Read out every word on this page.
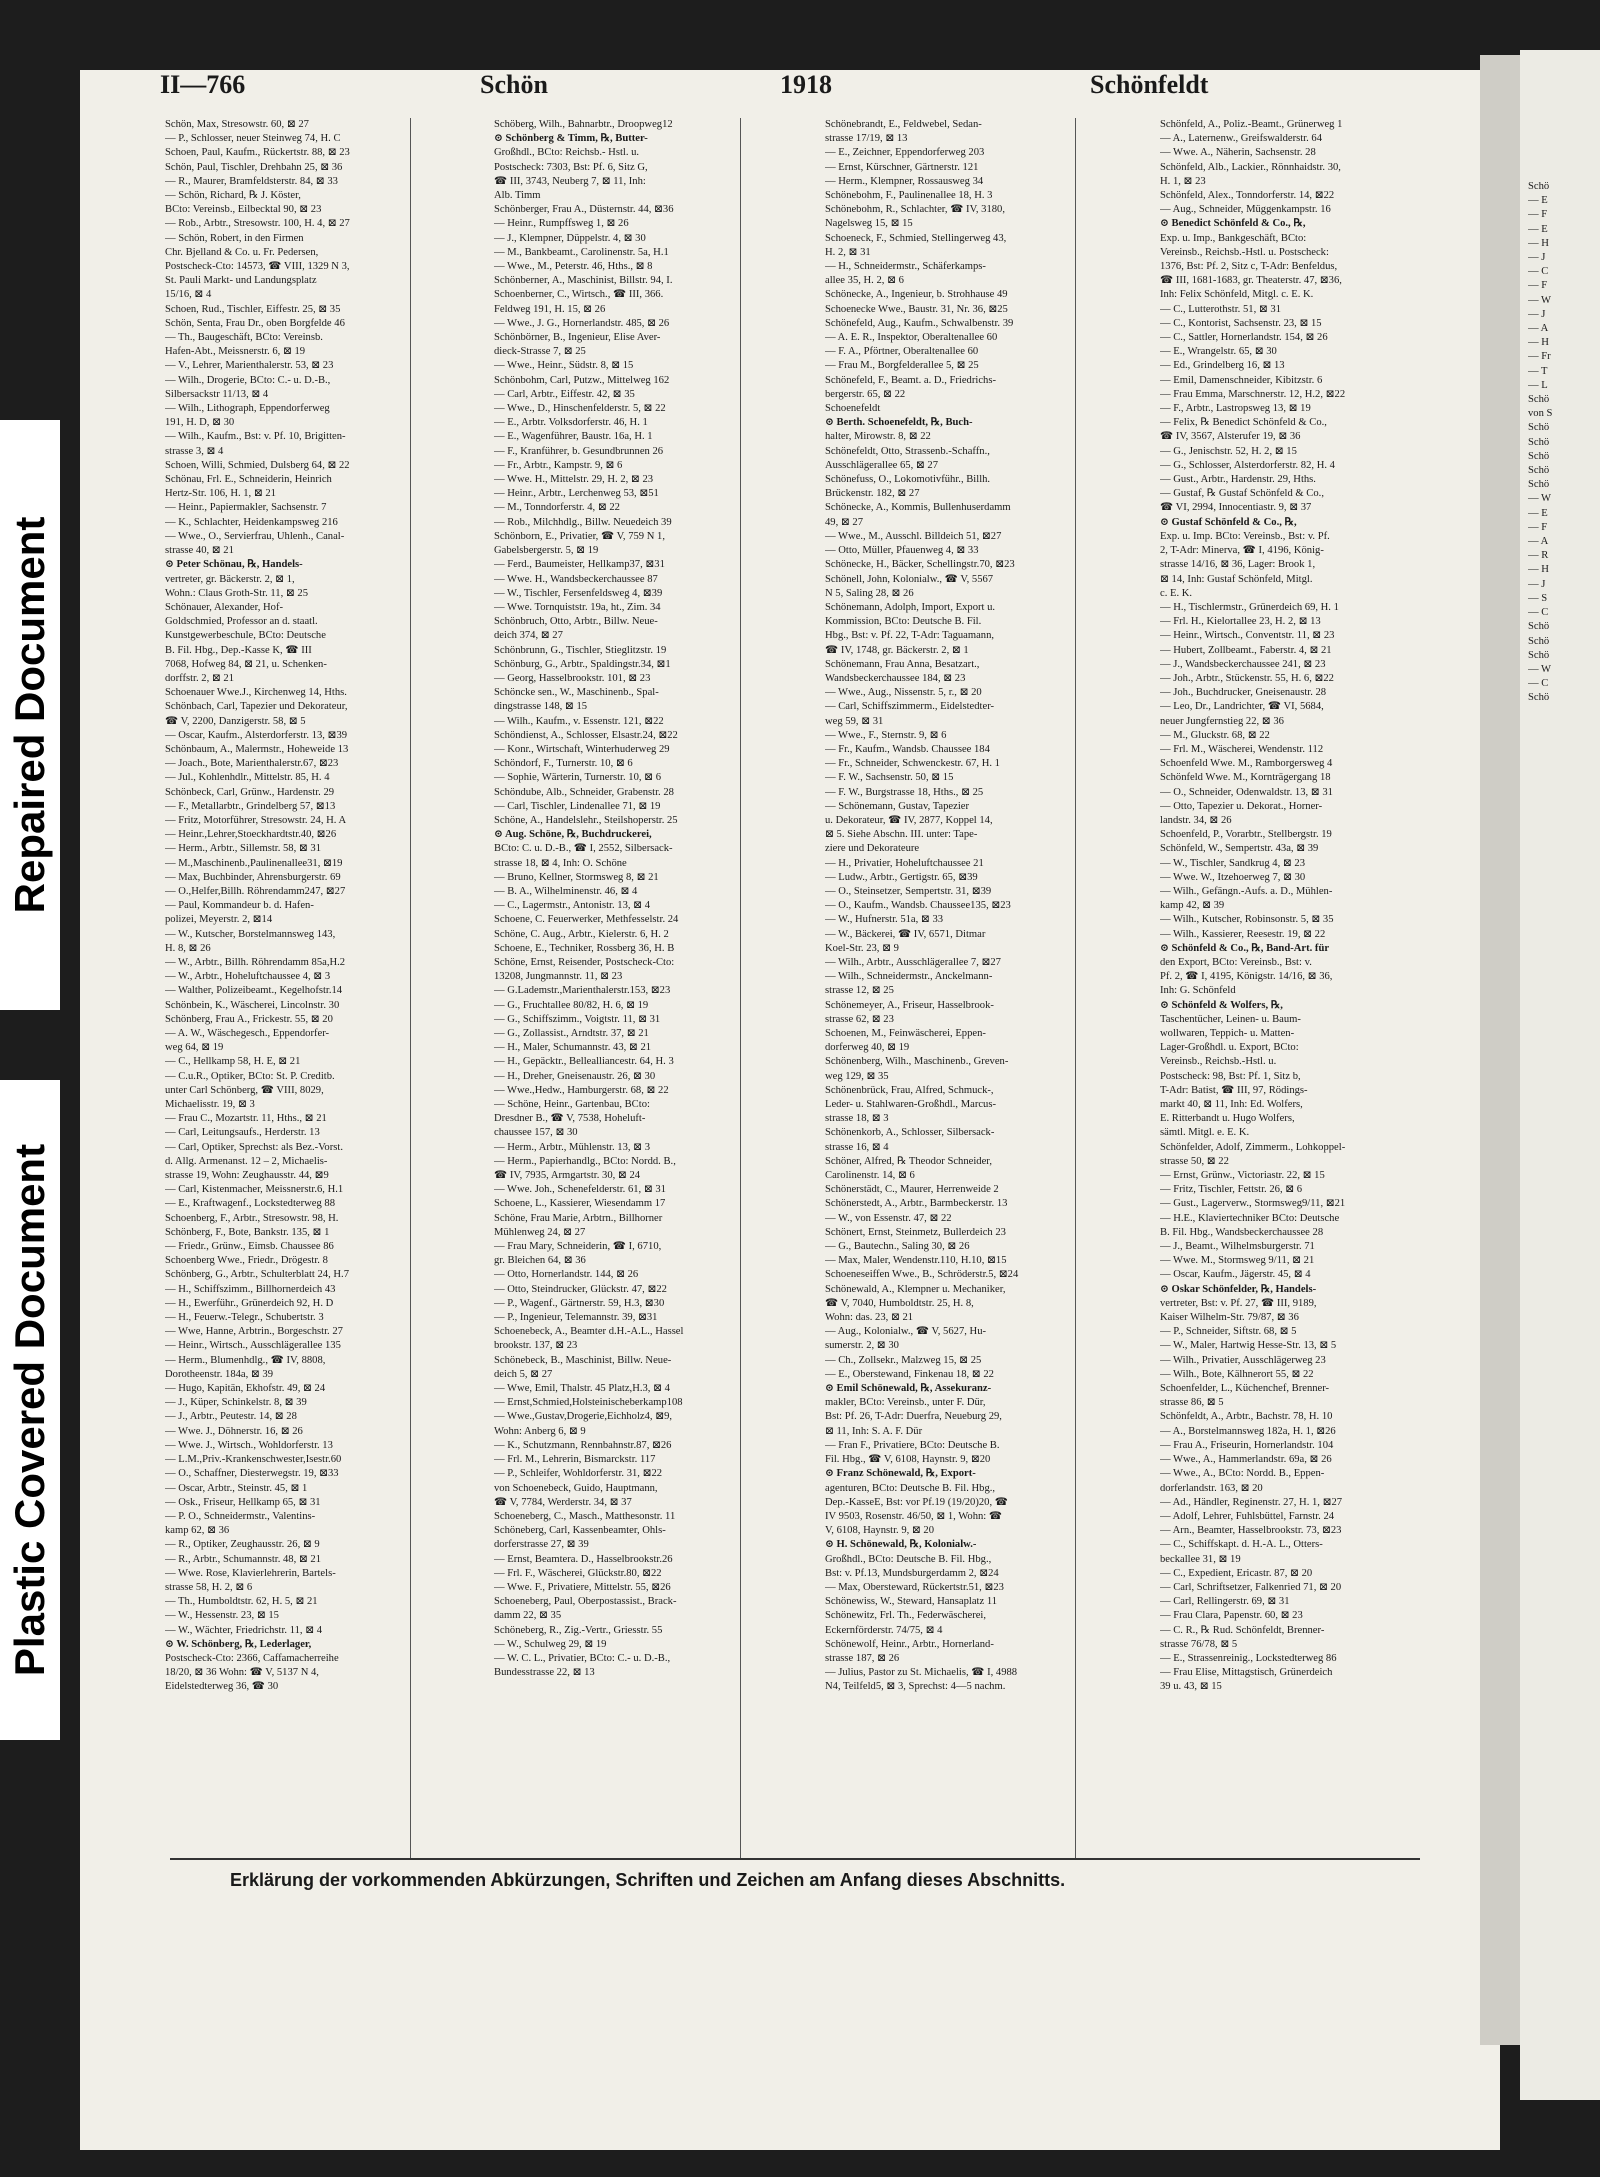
Repaired Document
Plastic Covered Document
Schö
— E
— F
— E
— H
— J
— C
— F
— W
— J
— A
— H
— Fr
— T
— L
Schö
von S
Schö
Schö
Schö
Schö
Schö
— W
— E
— F
— A
— R
— H
— J
— S
— C
Schö
Schö
Schö
— W
— C
Schö
II—766	Schön	1918	Schönfeldt
Schön, Max, Stresowstr. 60, ⊠ 27
— P., Schlosser, neuer Steinweg 74, H. C
Schoen, Paul, Kaufm., Rückertstr. 88, ⊠ 23
Schön, Paul, Tischler, Drehbahn 25, ⊠ 36
— R., Maurer, Bramfeldsterstr. 84, ⊠ 33
— Schön, Richard, ℞ J. Köster,
BCto: Vereinsb., Eilbecktal 90, ⊠ 23
— Rob., Arbtr., Stresowstr. 100, H. 4, ⊠ 27
— Schön, Robert, in den Firmen
Chr. Bjelland & Co. u. Fr. Pedersen,
Postscheck-Cto: 14573, ☎ VIII, 1329 N 3,
St. Pauli Markt- und Landungsplatz
15/16, ⊠ 4
Schoen, Rud., Tischler, Eiffestr. 25, ⊠ 35
Schön, Senta, Frau Dr., oben Borgfelde 46
— Th., Baugeschäft, BCto: Vereinsb.
Hafen-Abt., Meissnerstr. 6, ⊠ 19
— V., Lehrer, Marienthalerstr. 53, ⊠ 23
— Wilh., Drogerie, BCto: C.- u. D.-B.,
Silbersackstr 11/13, ⊠ 4
— Wilh., Lithograph, Eppendorferweg
191, H. D, ⊠ 30
— Wilh., Kaufm., Bst: v. Pf. 10, Brigitten-
strasse 3, ⊠ 4
Schoen, Willi, Schmied, Dulsberg 64, ⊠ 22
Schönau, Frl. E., Schneiderin, Heinrich
Hertz-Str. 106, H. 1, ⊠ 21
— Heinr., Papiermakler, Sachsenstr. 7
— K., Schlachter, Heidenkampsweg 216
— Wwe., O., Servierfrau, Uhlenh., Canal-
strasse 40, ⊠ 21
⊙ Peter Schönau, ℞, Handels-
vertreter, gr. Bäckerstr. 2, ⊠ 1,
Wohn.: Claus Groth-Str. 11, ⊠ 25
Schönauer, Alexander, Hof-
Goldschmied, Professor an d. staatl.
Kunstgewerbeschule, BCto: Deutsche
B. Fil. Hbg., Dep.-Kasse K, ☎ III
7068, Hofweg 84, ⊠ 21, u. Schenken-
dorffstr. 2, ⊠ 21
Schoenauer Wwe.J., Kirchenweg 14, Hths.
Schönbach, Carl, Tapezier und Dekorateur,
☎ V, 2200, Danzigerstr. 58, ⊠ 5
— Oscar, Kaufm., Alsterdorferstr. 13, ⊠39
Schönbaum, A., Malermstr., Hoheweide 13
— Joach., Bote, Marienthalerstr.67, ⊠23
— Jul., Kohlenhdlr., Mittelstr. 85, H. 4
Schönbeck, Carl, Grünw., Hardenstr. 29
— F., Metallarbtr., Grindelberg 57, ⊠13
— Fritz, Motorführer, Stresowstr. 24, H. A
— Heinr.,Lehrer,Stoeckhardtstr.40, ⊠26
— Herm., Arbtr., Sillemstr. 58, ⊠ 31
— M.,Maschinenb.,Paulinenallee31, ⊠19
— Max, Buchbinder, Ahrensburgerstr. 69
— O.,Helfer,Billh. Röhrendamm247, ⊠27
— Paul, Kommandeur b. d. Hafen-
polizei, Meyerstr. 2, ⊠14
— W., Kutscher, Borstelmannsweg 143,
H. 8, ⊠ 26
— W., Arbtr., Billh. Röhrendamm 85a,H.2
— W., Arbtr., Hoheluftchaussee 4, ⊠ 3
— Walther, Polizeibeamt., Kegelhofstr.14
Schönbein, K., Wäscherei, Lincolnstr. 30
Schönberg, Frau A., Frickestr. 55, ⊠ 20
— A. W., Wäschegesch., Eppendorfer-
weg 64, ⊠ 19
— C., Hellkamp 58, H. E, ⊠ 21
— C.u.R., Optiker, BCto: St. P. Creditb.
unter Carl Schönberg, ☎ VIII, 8029,
Michaelisstr. 19, ⊠ 3
— Frau C., Mozartstr. 11, Hths., ⊠ 21
— Carl, Leitungsaufs., Herderstr. 13
— Carl, Optiker, Sprechst: als Bez.-Vorst.
d. Allg. Armenanst. 12 – 2, Michaelis-
strasse 19, Wohn: Zeughausstr. 44, ⊠9
— Carl, Kistenmacher, Meissnerstr.6, H.1
— E., Kraftwagenf., Lockstedterweg 88
Schoenberg, F., Arbtr., Stresowstr. 98, H.
Schönberg, F., Bote, Bankstr. 135, ⊠ 1
— Friedr., Grünw., Eimsb. Chaussee 86
Schoenberg Wwe., Friedr., Drögestr. 8
Schönberg, G., Arbtr., Schulterblatt 24, H.7
— H., Schiffszimm., Billhornerdeich 43
— H., Ewerführ., Grünerdeich 92, H. D
— H., Feuerw.-Telegr., Schubertstr. 3
— Wwe, Hanne, Arbtrin., Borgeschstr. 27
— Heinr., Wirtsch., Ausschlägerallee 135
— Herm., Blumenhdlg., ☎ IV, 8808,
Dorotheenstr. 184a, ⊠ 39
— Hugo, Kapitän, Ekhofstr. 49, ⊠ 24
— J., Küper, Schinkelstr. 8, ⊠ 39
— J., Arbtr., Peutestr. 14, ⊠ 28
— Wwe. J., Döhnerstr. 16, ⊠ 26
— Wwe. J., Wirtsch., Wohldorferstr. 13
— L.M.,Priv.-Krankenschwester,Isestr.60
— O., Schaffner, Diesterwegstr. 19, ⊠33
— Oscar, Arbtr., Steinstr. 45, ⊠ 1
— Osk., Friseur, Hellkamp 65, ⊠ 31
— P. O., Schneidermstr., Valentins-
kamp 62, ⊠ 36
— R., Optiker, Zeughausstr. 26, ⊠ 9
— R., Arbtr., Schumannstr. 48, ⊠ 21
— Wwe. Rose, Klavierlehrerin, Bartels-
strasse 58, H. 2, ⊠ 6
— Th., Humboldtstr. 62, H. 5, ⊠ 21
— W., Hessenstr. 23, ⊠ 15
— W., Wächter, Friedrichstr. 11, ⊠ 4
⊙ W. Schönberg, ℞, Lederlager,
Postscheck-Cto: 2366, Caffamacherreihe
18/20, ⊠ 36 Wohn: ☎ V, 5137 N 4,
Eidelstedterweg 36, ☎ 30
Schöberg, Wilh., Bahnarbtr., Droopweg12
⊙ Schönberg & Timm, ℞, Butter-
Großhdl., BCto: Reichsb.- Hstl. u.
Postscheck: 7303, Bst: Pf. 6, Sitz G,
☎ III, 3743, Neuberg 7, ⊠ 11, Inh:
Alb. Timm
Schönberger, Frau A., Düsternstr. 44, ⊠36
— Heinr., Rumpffsweg 1, ⊠ 26
— J., Klempner, Düppelstr. 4, ⊠ 30
— M., Bankbeamt., Carolinenstr. 5a, H.1
— Wwe., M., Peterstr. 46, Hths., ⊠ 8
Schönberner, A., Maschinist, Billstr. 94, I.
Schoenberner, C., Wirtsch., ☎ III, 366.
Feldweg 191, H. 15, ⊠ 26
— Wwe., J. G., Hornerlandstr. 485, ⊠ 26
Schönbörner, B., Ingenieur, Elise Aver-
dieck-Strasse 7, ⊠ 25
— Wwe., Heinr., Südstr. 8, ⊠ 15
Schönbohm, Carl, Putzw., Mittelweg 162
— Carl, Arbtr., Eiffestr. 42, ⊠ 35
— Wwe., D., Hinschenfelderstr. 5, ⊠ 22
— E., Arbtr. Volksdorferstr. 46, H. 1
— E., Wagenführer, Baustr. 16a, H. 1
— F., Kranführer, b. Gesundbrunnen 26
— Fr., Arbtr., Kampstr. 9, ⊠ 6
— Wwe. H., Mittelstr. 29, H. 2, ⊠ 23
— Heinr., Arbtr., Lerchenweg 53, ⊠51
— M., Tonndorferstr. 4, ⊠ 22
— Rob., Milchhdlg., Billw. Neuedeich 39
Schönborn, E., Privatier, ☎ V, 759 N 1,
Gabelsbergerstr. 5, ⊠ 19
— Ferd., Baumeister, Hellkamp37, ⊠31
— Wwe. H., Wandsbeckerchaussee 87
— W., Tischler, Fersenfeldsweg 4, ⊠39
— Wwe. Tornquiststr. 19a, ht., Zim. 34
Schönbruch, Otto, Arbtr., Billw. Neue-
deich 374, ⊠ 27
Schönbrunn, G., Tischler, Stieglitzstr. 19
Schönburg, G., Arbtr., Spaldingstr.34, ⊠1
— Georg, Hasselbrookstr. 101, ⊠ 23
Schöncke sen., W., Maschinenb., Spal-
dingstrasse 148, ⊠ 15
— Wilh., Kaufm., v. Essenstr. 121, ⊠22
Schöndienst, A., Schlosser, Elsastr.24, ⊠22
— Konr., Wirtschaft, Winterhuderweg 29
Schöndorf, F., Turnerstr. 10, ⊠ 6
— Sophie, Wärterin, Turnerstr. 10, ⊠ 6
Schöndube, Alb., Schneider, Grabenstr. 28
— Carl, Tischler, Lindenallee 71, ⊠ 19
Schöne, A., Handelslehr., Steilshoperstr. 25
⊙ Aug. Schöne, ℞, Buchdruckerei,
BCto: C. u. D.-B., ☎ I, 2552, Silbersack-
strasse 18, ⊠ 4, Inh: O. Schöne
— Bruno, Kellner, Stormsweg 8, ⊠ 21
— B. A., Wilhelminenstr. 46, ⊠ 4
— C., Lagermstr., Antonistr. 13, ⊠ 4
Schoene, C. Feuerwerker, Methfesselstr. 24
Schöne, C. Aug., Arbtr., Kielerstr. 6, H. 2
Schoene, E., Techniker, Rossberg 36, H. B
Schöne, Ernst, Reisender, Postscheck-Cto:
13208, Jungmannstr. 11, ⊠ 23
— G.Lademstr.,Marienthalerstr.153, ⊠23
— G., Fruchtallee 80/82, H. 6, ⊠ 19
— G., Schiffszimm., Voigtstr. 11, ⊠ 31
— G., Zollassist., Arndtstr. 37, ⊠ 21
— H., Maler, Schumannstr. 43, ⊠ 21
— H., Gepäcktr., Bellealliancestr. 64, H. 3
— H., Dreher, Gneisenaustr. 26, ⊠ 30
— Wwe.,Hedw., Hamburgerstr. 68, ⊠ 22
— Schöne, Heinr., Gartenbau, BCto:
Dresdner B., ☎ V, 7538, Hoheluft-
chaussee 157, ⊠ 30
— Herm., Arbtr., Mühlenstr. 13, ⊠ 3
— Herm., Papierhandlg., BCto: Nordd. B.,
☎ IV, 7935, Armgartstr. 30, ⊠ 24
— Wwe. Joh., Schenefelderstr. 61, ⊠ 31
Schoene, L., Kassierer, Wiesendamm 17
Schöne, Frau Marie, Arbtrn., Billhorner
Mühlenweg 24, ⊠ 27
— Frau Mary, Schneiderin, ☎ I, 6710,
gr. Bleichen 64, ⊠ 36
— Otto, Hornerlandstr. 144, ⊠ 26
— Otto, Steindrucker, Glückstr. 47, ⊠22
— P., Wagenf., Gärtnerstr. 59, H.3, ⊠30
— P., Ingenieur, Telemannstr. 39, ⊠31
Schoenebeck, A., Beamter d.H.-A.L., Hassel
brookstr. 137, ⊠ 23
Schönebeck, B., Maschinist, Billw. Neue-
deich 5, ⊠ 27
— Wwe, Emil, Thalstr. 45 Platz,H.3, ⊠ 4
— Ernst,Schmied,Holsteinischeberkamp108
— Wwe.,Gustav,Drogerie,Eichholz4, ⊠9,
Wohn: Anberg 6, ⊠ 9
— K., Schutzmann, Rennbahnstr.87, ⊠26
— Frl. M., Lehrerin, Bismarckstr. 117
— P., Schleifer, Wohldorferstr. 31, ⊠22
von Schoenebeck, Guido, Hauptmann,
☎ V, 7784, Werderstr. 34, ⊠ 37
Schoeneberg, C., Masch., Matthesonstr. 11
Schöneberg, Carl, Kassenbeamter, Ohls-
dorferstrasse 27, ⊠ 39
— Ernst, Beamtera. D., Hasselbrookstr.26
— Frl. F., Wäscherei, Glückstr.80, ⊠22
— Wwe. F., Privatiere, Mittelstr. 55, ⊠26
Schoeneberg, Paul, Oberpostassist., Brack-
damm 22, ⊠ 35
Schöneberg, R., Zig.-Vertr., Griesstr. 55
— W., Schulweg 29, ⊠ 19
— W. C. L., Privatier, BCto: C.- u. D.-B.,
Bundesstrasse 22, ⊠ 13
Schönebrandt, E., Feldwebel, Sedan-
strasse 17/19, ⊠ 13
— E., Zeichner, Eppendorferweg 203
— Ernst, Kürschner, Gärtnerstr. 121
— Herm., Klempner, Rossausweg 34
Schönebohm, F., Paulinenallee 18, H. 3
Schönebohm, R., Schlachter, ☎ IV, 3180,
Nagelsweg 15, ⊠ 15
Schoeneck, F., Schmied, Stellingerweg 43,
H. 2, ⊠ 31
— H., Schneidermstr., Schäferkamps-
allee 35, H. 2, ⊠ 6
Schönecke, A., Ingenieur, b. Strohhause 49
Schoenecke Wwe., Baustr. 31, Nr. 36, ⊠25
Schönefeld, Aug., Kaufm., Schwalbenstr. 39
— A. E. R., Inspektor, Oberaltenallee 60
— F. A., Pförtner, Oberaltenallee 60
— Frau M., Borgfelderallee 5, ⊠ 25
Schönefeld, F., Beamt. a. D., Friedrichs-
bergerstr. 65, ⊠ 22
Schoenefeldt
⊙ Berth. Schoenefeldt, ℞, Buch-
halter, Mirowstr. 8, ⊠ 22
Schönefeldt, Otto, Strassenb.-Schaffn.,
Ausschlägerallee 65, ⊠ 27
Schönefuss, O., Lokomotivführ., Billh.
Brückenstr. 182, ⊠ 27
Schönecke, A., Kommis, Bullenhuserdamm
49, ⊠ 27
— Wwe., M., Ausschl. Billdeich 51, ⊠27
— Otto, Müller, Pfauenweg 4, ⊠ 33
Schönecke, H., Bäcker, Schellingstr.70, ⊠23
Schönell, John, Kolonialw., ☎ V, 5567
N 5, Saling 28, ⊠ 26
Schönemann, Adolph, Import, Export u.
Kommission, BCto: Deutsche B. Fil.
Hbg., Bst: v. Pf. 22, T-Adr: Taguamann,
☎ IV, 1748, gr. Bäckerstr. 2, ⊠ 1
Schönemann, Frau Anna, Besatzart.,
Wandsbeckerchaussee 184, ⊠ 23
— Wwe., Aug., Nissenstr. 5, r., ⊠ 20
— Carl, Schiffszimmerm., Eidelstedter-
weg 59, ⊠ 31
— Wwe., F., Sternstr. 9, ⊠ 6
— Fr., Kaufm., Wandsb. Chaussee 184
— Fr., Schneider, Schwenckestr. 67, H. 1
— F. W., Sachsenstr. 50, ⊠ 15
— F. W., Burgstrasse 18, Hths., ⊠ 25
— Schönemann, Gustav, Tapezier
u. Dekorateur, ☎ IV, 2877, Koppel 14,
⊠ 5. Siehe Abschn. III. unter: Tape-
ziere und Dekorateure
— H., Privatier, Hoheluftchaussee 21
— Ludw., Arbtr., Gertigstr. 65, ⊠39
— O., Steinsetzer, Sempertstr. 31, ⊠39
— O., Kaufm., Wandsb. Chaussee135, ⊠23
— W., Hufnerstr. 51a, ⊠ 33
— W., Bäckerei, ☎ IV, 6571, Ditmar
Koel-Str. 23, ⊠ 9
— Wilh., Arbtr., Ausschlägerallee 7, ⊠27
— Wilh., Schneidermstr., Anckelmann-
strasse 12, ⊠ 25
Schönemeyer, A., Friseur, Hasselbrook-
strasse 62, ⊠ 23
Schoenen, M., Feinwäscherei, Eppen-
dorferweg 40, ⊠ 19
Schönenberg, Wilh., Maschinenb., Greven-
weg 129, ⊠ 35
Schönenbrück, Frau, Alfred, Schmuck-,
Leder- u. Stahlwaren-Großhdl., Marcus-
strasse 18, ⊠ 3
Schönenkorb, A., Schlosser, Silbersack-
strasse 16, ⊠ 4
Schöner, Alfred, ℞ Theodor Schneider,
Carolinenstr. 14, ⊠ 6
Schönerstädt, C., Maurer, Herrenweide 2
Schönerstedt, A., Arbtr., Barmbeckerstr. 13
— W., von Essenstr. 47, ⊠ 22
Schönert, Ernst, Steinmetz, Bullerdeich 23
— G., Bautechn., Saling 30, ⊠ 26
— Max, Maler, Wendenstr.110, H.10, ⊠15
Schoeneseiffen Wwe., B., Schröderstr.5, ⊠24
Schönewald, A., Klempner u. Mechaniker,
☎ V, 7040, Humboldtstr. 25, H. 8,
Wohn: das. 23, ⊠ 21
— Aug., Kolonialw., ☎ V, 5627, Hu-
sumerstr. 2, ⊠ 30
— Ch., Zollsekr., Malzweg 15, ⊠ 25
— E., Oberstewand, Finkenau 18, ⊠ 22
⊙ Emil Schönewald, ℞, Assekuranz-
makler, BCto: Vereinsb., unter F. Dür,
Bst: Pf. 26, T-Adr: Duerfra, Neueburg 29,
⊠ 11, Inh: S. A. F. Dür
— Fran F., Privatiere, BCto: Deutsche B.
Fil. Hbg., ☎ V, 6108, Haynstr. 9, ⊠20
⊙ Franz Schönewald, ℞, Export-
agenturen, BCto: Deutsche B. Fil. Hbg.,
Dep.-KasseE, Bst: vor Pf.19 (19/20)20, ☎
IV 9503, Rosenstr. 46/50, ⊠ 1, Wohn: ☎
V, 6108, Haynstr. 9, ⊠ 20
⊙ H. Schönewald, ℞, Kolonialw.-
Großhdl., BCto: Deutsche B. Fil. Hbg.,
Bst: v. Pf.13, Mundsburgerdamm 2, ⊠24
— Max, Obersteward, Rückertstr.51, ⊠23
Schönewiss, W., Steward, Hansaplatz 11
Schönewitz, Frl. Th., Federwäscherei,
Eckernförderstr. 74/75, ⊠ 4
Schönewolf, Heinr., Arbtr., Hornerland-
strasse 187, ⊠ 26
— Julius, Pastor zu St. Michaelis, ☎ I, 4988
N4, Teilfeld5, ⊠ 3, Sprechst: 4—5 nachm.
Schönfeld, A., Poliz.-Beamt., Grünerweg 1
— A., Laternenw., Greifswalderstr. 64
— Wwe. A., Näherin, Sachsenstr. 28
Schönfeld, Alb., Lackier., Rönnhaidstr. 30,
H. 1, ⊠ 23
Schönfeld, Alex., Tonndorferstr. 14, ⊠22
— Aug., Schneider, Müggenkampstr. 16
⊙ Benedict Schönfeld & Co., ℞,
Exp. u. Imp., Bankgeschäft, BCto:
Vereinsb., Reichsb.-Hstl. u. Postscheck:
1376, Bst: Pf. 2, Sitz c, T-Adr: Benfeldus,
☎ III, 1681-1683, gr. Theaterstr. 47, ⊠36,
Inh: Felix Schönfeld, Mitgl. c. E. K.
— C., Lutterothstr. 51, ⊠ 31
— C., Kontorist, Sachsenstr. 23, ⊠ 15
— C., Sattler, Hornerlandstr. 154, ⊠ 26
— E., Wrangelstr. 65, ⊠ 30
— Ed., Grindelberg 16, ⊠ 13
— Emil, Damenschneider, Kibitzstr. 6
— Frau Emma, Marschnerstr. 12, H.2, ⊠22
— F., Arbtr., Lastropsweg 13, ⊠ 19
— Felix, ℞ Benedict Schönfeld & Co.,
☎ IV, 3567, Alsterufer 19, ⊠ 36
— G., Jenischstr. 52, H. 2, ⊠ 15
— G., Schlosser, Alsterdorferstr. 82, H. 4
— Gust., Arbtr., Hardenstr. 29, Hths.
— Gustaf, ℞ Gustaf Schönfeld & Co.,
☎ VI, 2994, Innocentiastr. 9, ⊠ 37
⊙ Gustaf Schönfeld & Co., ℞,
Exp. u. Imp. BCto: Vereinsb., Bst: v. Pf.
2, T-Adr: Minerva, ☎ I, 4196, König-
strasse 14/16, ⊠ 36, Lager: Brook 1,
⊠ 14, Inh: Gustaf Schönfeld, Mitgl.
c. E. K.
— H., Tischlermstr., Grünerdeich 69, H. 1
— Frl. H., Kielortallee 23, H. 2, ⊠ 13
— Heinr., Wirtsch., Conventstr. 11, ⊠ 23
— Hubert, Zollbeamt., Faberstr. 4, ⊠ 21
— J., Wandsbeckerchaussee 241, ⊠ 23
— Joh., Arbtr., Stückenstr. 55, H. 6, ⊠22
— Joh., Buchdrucker, Gneisenaustr. 28
— Leo, Dr., Landrichter, ☎ VI, 5684,
neuer Jungfernstieg 22, ⊠ 36
— M., Gluckstr. 68, ⊠ 22
— Frl. M., Wäscherei, Wendenstr. 112
Schoenfeld Wwe. M., Ramborgersweg 4
Schönfeld Wwe. M., Kornträgergang 18
— O., Schneider, Odenwaldstr. 13, ⊠ 31
— Otto, Tapezier u. Dekorat., Horner-
landstr. 34, ⊠ 26
Schoenfeld, P., Vorarbtr., Stellbergstr. 19
Schönfeld, W., Sempertstr. 43a, ⊠ 39
— W., Tischler, Sandkrug 4, ⊠ 23
— Wwe. W., Itzehoerweg 7, ⊠ 30
— Wilh., Gefängn.-Aufs. a. D., Mühlen-
kamp 42, ⊠ 39
— Wilh., Kutscher, Robinsonstr. 5, ⊠ 35
— Wilh., Kassierer, Reesestr. 19, ⊠ 22
⊙ Schönfeld & Co., ℞, Band-Art. für
den Export, BCto: Vereinsb., Bst: v.
Pf. 2, ☎ I, 4195, Königstr. 14/16, ⊠ 36,
Inh: G. Schönfeld
⊙ Schönfeld & Wolfers, ℞,
Taschentücher, Leinen- u. Baum-
wollwaren, Teppich- u. Matten-
Lager-Großhdl. u. Export, BCto:
Vereinsb., Reichsb.-Hstl. u.
Postscheck: 98, Bst: Pf. 1, Sitz b,
T-Adr: Batist, ☎ III, 97, Rödings-
markt 40, ⊠ 11, Inh: Ed. Wolfers,
E. Ritterbandt u. Hugo Wolfers,
sämtl. Mitgl. e. E. K.
Schönfelder, Adolf, Zimmerm., Lohkoppel-
strasse 50, ⊠ 22
— Ernst, Grünw., Victoriastr. 22, ⊠ 15
— Fritz, Tischler, Fettstr. 26, ⊠ 6
— Gust., Lagerverw., Stormsweg9/11, ⊠21
— H.E., Klaviertechniker BCto: Deutsche
B. Fil. Hbg., Wandsbeckerchaussee 28
— J., Beamt., Wilhelmsburgerstr. 71
— Wwe. M., Stormsweg 9/11, ⊠ 21
— Oscar, Kaufm., Jägerstr. 45, ⊠ 4
⊙ Oskar Schönfelder, ℞, Handels-
vertreter, Bst: v. Pf. 27, ☎ III, 9189,
Kaiser Wilhelm-Str. 79/87, ⊠ 36
— P., Schneider, Siftstr. 68, ⊠ 5
— W., Maler, Hartwig Hesse-Str. 13, ⊠ 5
— Wilh., Privatier, Ausschlägerweg 23
— Wilh., Bote, Kälhnerort 55, ⊠ 22
Schoenfelder, L., Küchenchef, Brenner-
strasse 86, ⊠ 5
Schönfeldt, A., Arbtr., Bachstr. 78, H. 10
— A., Borstelmannsweg 182a, H. 1, ⊠26
— Frau A., Friseurin, Hornerlandstr. 104
— Wwe., A., Hammerlandstr. 69a, ⊠ 26
— Wwe., A., BCto: Nordd. B., Eppen-
dorferlandstr. 163, ⊠ 20
— Ad., Händler, Reginenstr. 27, H. 1, ⊠27
— Adolf, Lehrer, Fuhlsbüttel, Farnstr. 24
— Arn., Beamter, Hasselbrookstr. 73, ⊠23
— C., Schiffskapt. d. H.-A. L., Otters-
beckallee 31, ⊠ 19
— C., Expedient, Ericastr. 87, ⊠ 20
— Carl, Schriftsetzer, Falkenried 71, ⊠ 20
— Carl, Rellingerstr. 69, ⊠ 31
— Frau Clara, Papenstr. 60, ⊠ 23
— C. R., ℞ Rud. Schönfeldt, Brenner-
strasse 76/78, ⊠ 5
— E., Strassenreinig., Lockstedterweg 86
— Frau Elise, Mittagstisch, Grünerdeich
39 u. 43, ⊠ 15
Erklärung der vorkommenden Abkürzungen, Schriften und Zeichen am Anfang dieses Abschnitts.
